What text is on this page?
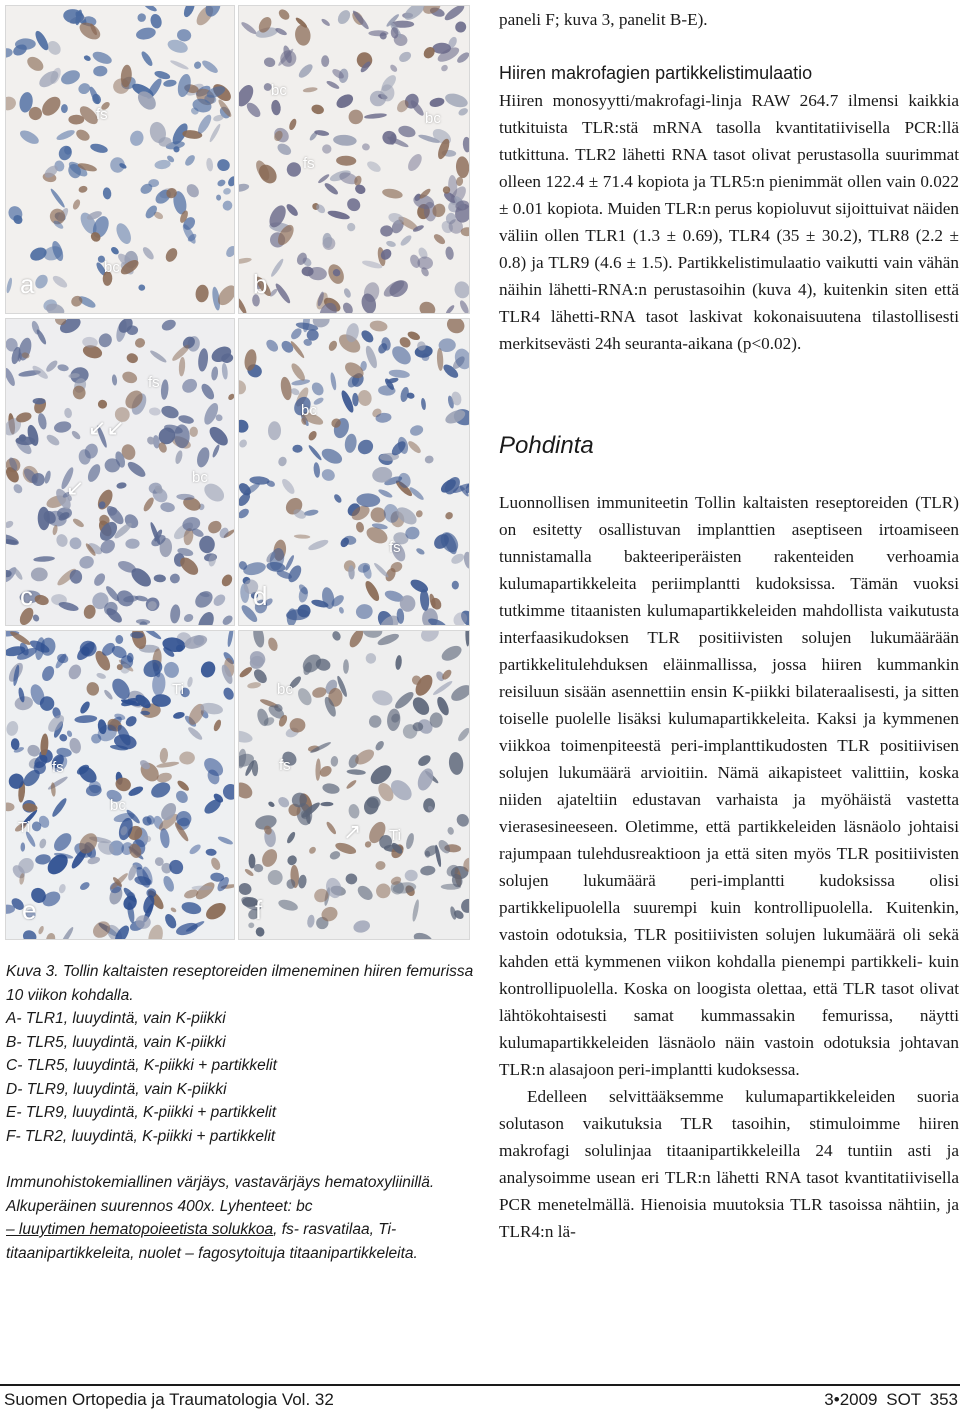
fs
bc
a
bc
bc
fs
b
fs
bc
↙↙
↙
c
bc
fs
d
Ti
fs
bc
Ti
e
bc
fs
Ti
↗
f

Kuva 3. Tollin kaltaisten reseptoreiden ilmeneminen hiiren femurissa 10 viikon kohdalla.

A- TLR1, luuydintä, vain K-piikki
B- TLR5, luuydintä, vain K-piikki
C- TLR5, luuydintä, K-piikki + partikkelit
D- TLR9, luuydintä, vain K-piikki
E- TLR9, luuydintä, K-piikki + partikkelit
F- TLR2, luuydintä, K-piikki + partikkelit

Immunohistokemiallinen värjäys, vastavärjäys hematoxyliinillä. Alkuperäinen suurennos 400x. Lyhenteet: bc
– luuytimen hematopoieetista solukkoa, fs- rasvatilaa, Ti- titaanipartikkeleita, nuolet – fagosytoituja titaanipartikkeleita.

paneli F; kuva 3, panelit B-E).

Hiiren makrofagien partikkelistimulaatio

Hiiren monosyytti/makrofagi-linja RAW 264.7 ilmensi kaikkia tutkituista TLR:stä mRNA tasolla kvantitatiivisella PCR:llä tutkittuna. TLR2 lähetti RNA tasot olivat perustasolla suurimmat olleen 122.4 ± 71.4 kopiota ja TLR5:n pienimmät ollen vain 0.022 ± 0.01 kopiota. Muiden TLR:n perus kopioluvut sijoittuivat näiden väliin ollen TLR1 (1.3 ± 0.69), TLR4 (35 ± 30.2), TLR8 (2.2 ± 0.8) ja TLR9 (4.6 ± 1.5). Partikkelistimulaatio vaikutti vain vähän näihin lähetti-RNA:n perustasoihin (kuva 4), kuitenkin siten että TLR4 lähetti-RNA tasot laskivat kokonaisuutena tilastollisesti merkitsevästi 24h seuranta-aikana (p<0.02).

Pohdinta

Luonnollisen immuniteetin Tollin kaltaisten reseptoreiden (TLR) on esitetty osallistuvan implanttien aseptiseen irtoamiseen tunnistamalla bakteeriperäisten rakenteiden verhoamia kulumapartikkeleita periimplantti kudoksissa. Tämän vuoksi tutkimme titaanisten kulumapartikkeleiden mahdollista vaikutusta interfaasikudoksen TLR positiivisten solujen lukumäärään partikkelitulehduksen eläinmallissa, jossa hiiren kummankin reisiluun sisään asennettiin ensin K-piikki bilateraalisesti, ja sitten toiselle puolelle lisäksi kulumapartikkeleita. Kaksi ja kymmenen viikkoa toimenpiteestä peri-implanttikudosten TLR positiivisen solujen lukumäärä arvioitiin. Nämä aikapisteet valittiin, koska niiden ajateltiin edustavan varhaista ja myöhäistä vastetta vierasesineeseen. Oletimme, että partikkeleiden läsnäolo johtaisi rajumpaan tulehdusreaktioon ja että siten myös TLR positiivisten solujen lukumäärä peri-implantti kudoksissa olisi partikkelipuolella suurempi kuin kontrollipuolella. Kuitenkin, vastoin odotuksia, TLR positiivisten solujen lukumäärä oli sekä kahden että kymmenen viikon kohdalla pienempi partikkeli- kuin kontrollipuolella. Koska on loogista olettaa, että TLR tasot olivat lähtökohtaisesti samat kummassakin femurissa, näytti kulumapartikkeleiden läsnäolo näin vastoin odotuksia johtavan TLR:n alasajoon peri-implantti kudoksessa.

Edelleen selvittääksemme kulumapartikkeleiden suoria solutason vaikutuksia TLR tasoihin, stimuloimme hiiren makrofagi solulinjaa titaanipartikkeleilla 24 tuntiin asti ja analysoimme usean eri TLR:n lähetti RNA tasot kvantitatiivisella PCR menetelmällä. Hienoisia muutoksia TLR tasoissa nähtiin, ja TLR4:n lä-

Suomen Ortopedia ja Traumatologia Vol. 32	3•2009 SOT 353
